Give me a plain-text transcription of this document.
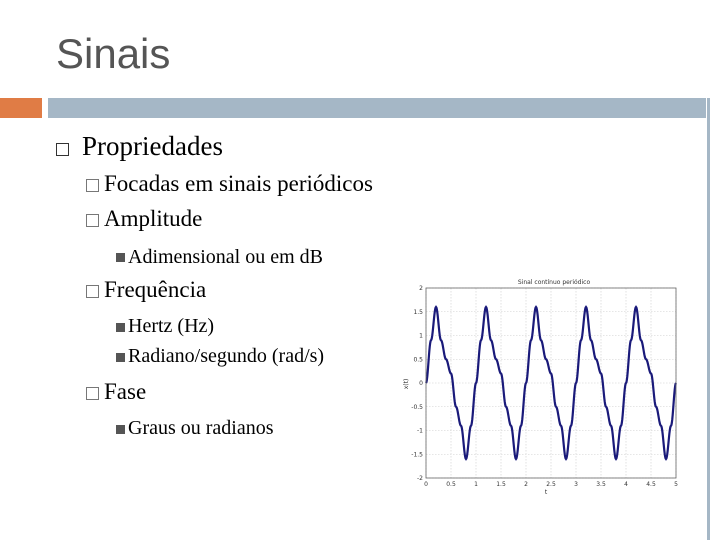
Sinais
Propriedades
Focadas em sinais periódicos
Amplitude
Adimensional ou em dB
Frequência
Hertz (Hz)
Radiano/segundo (rad/s)
Fase
Graus ou radianos
Sinal contínuo periódico
x(t)
t
0	0.5	1	1.5	2	2.5	3	3.5	4	4.5	5
2
1.5
1
0.5
0
-0.5
-1
-1.5
-2
